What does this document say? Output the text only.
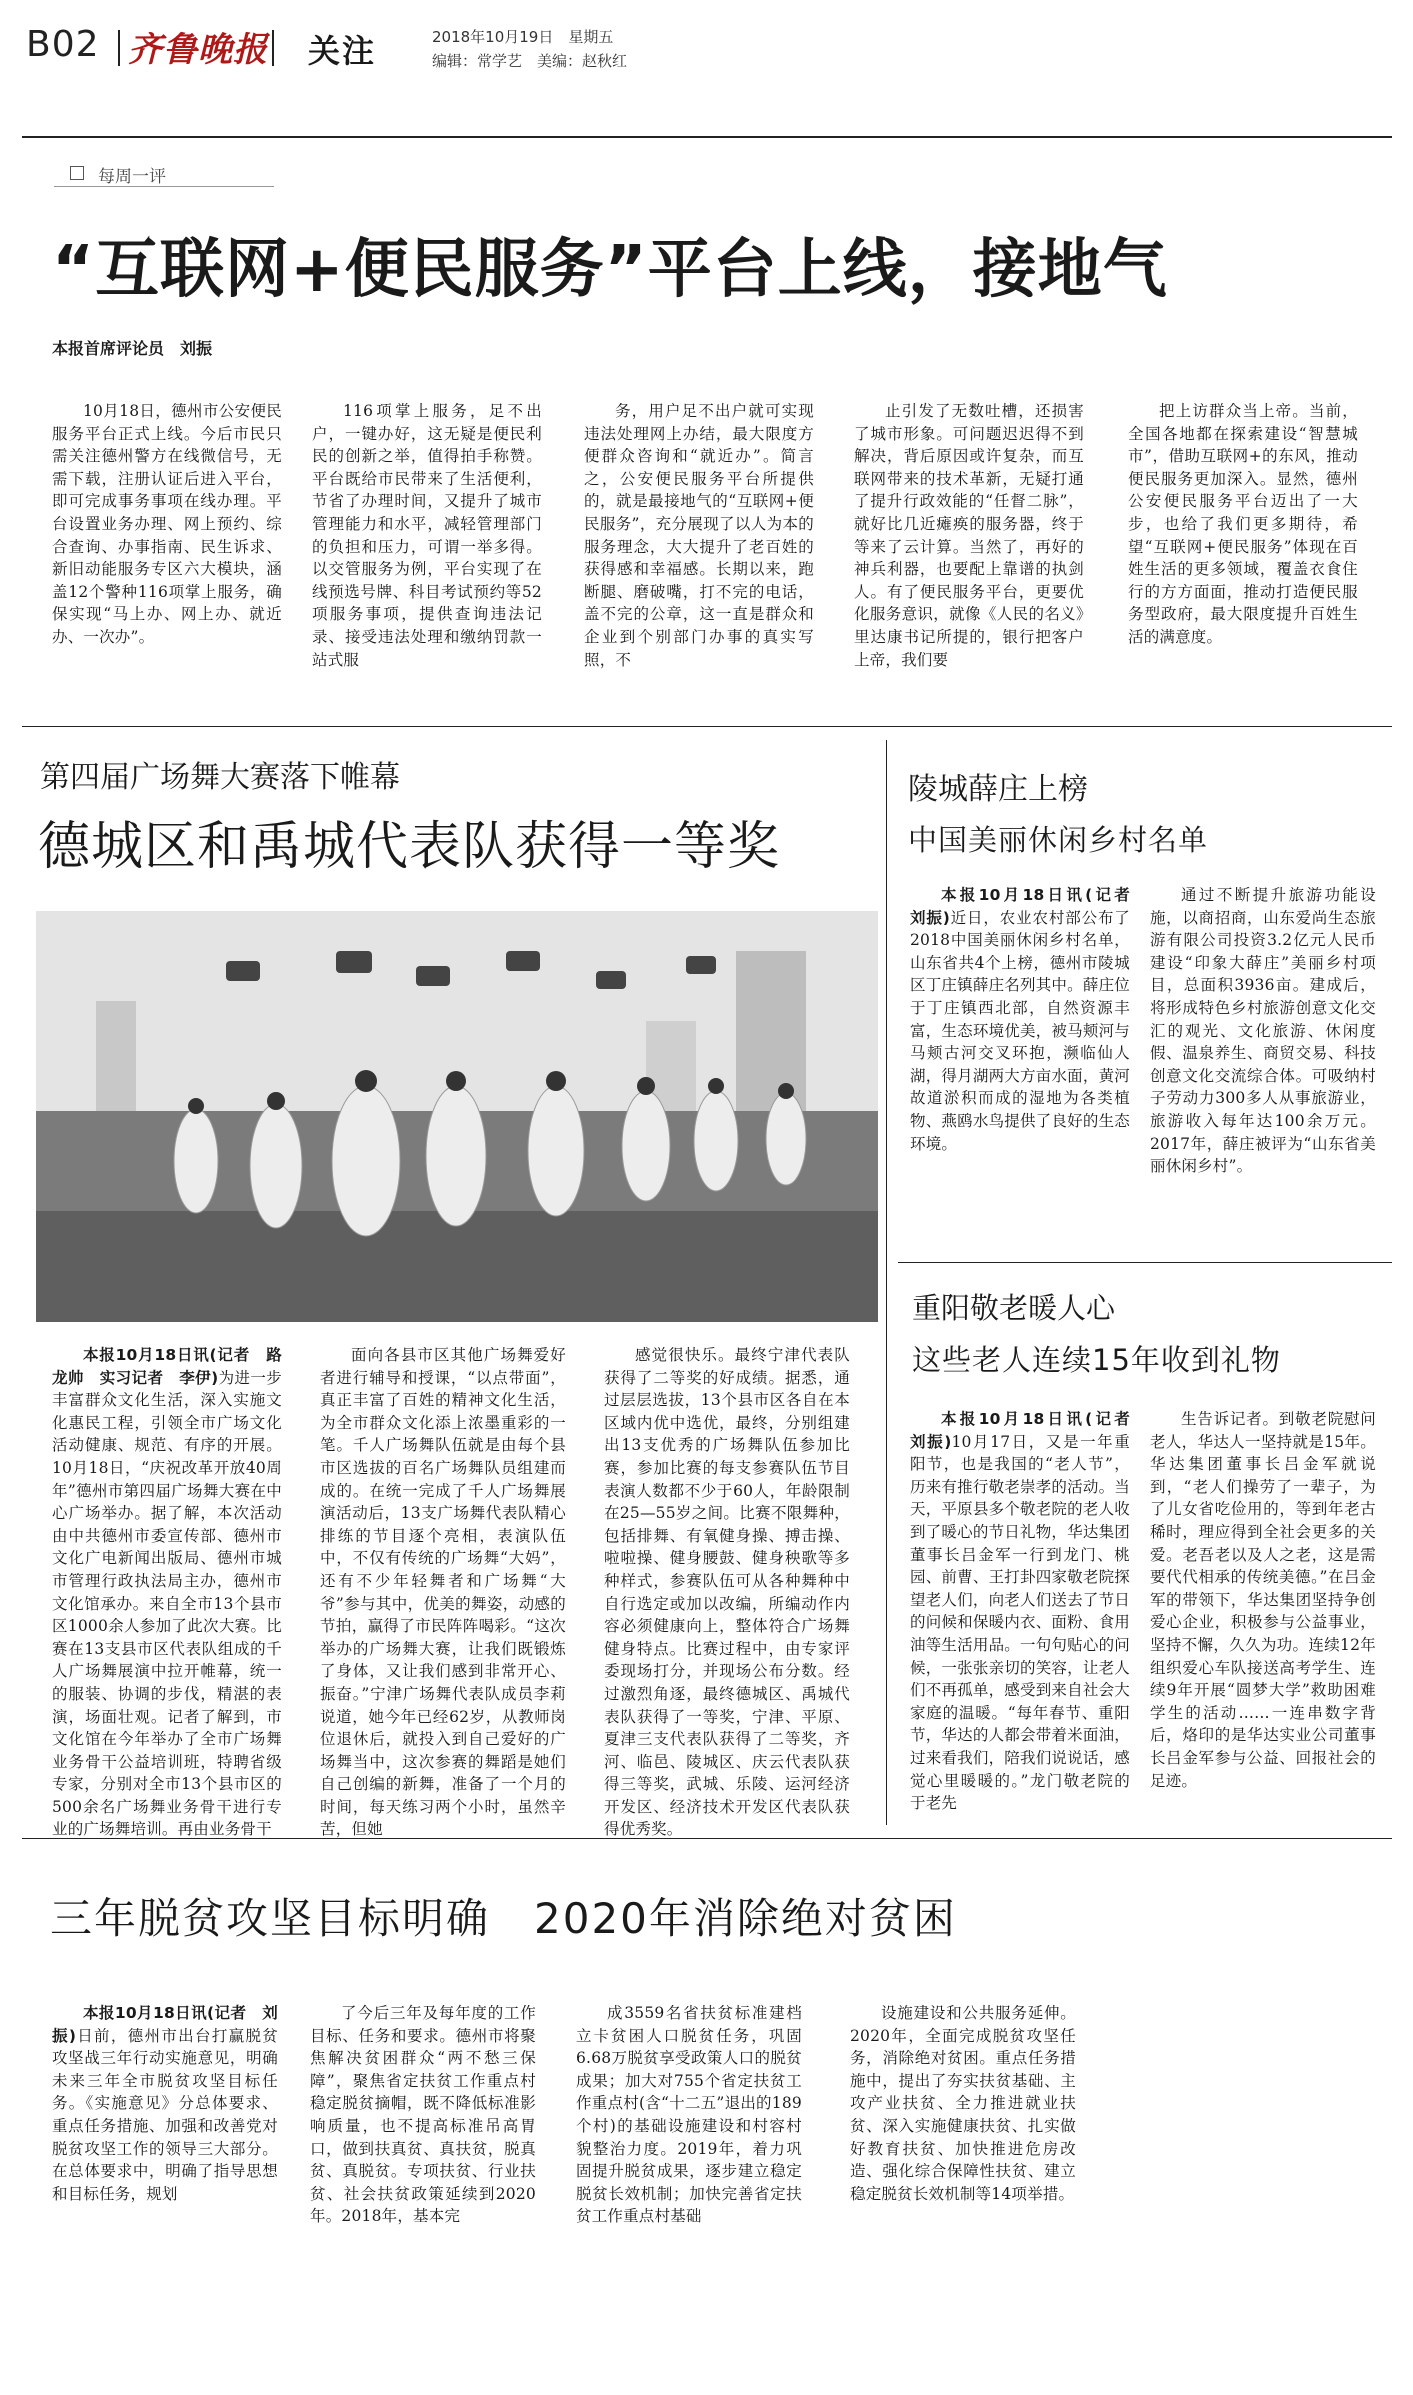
B02 齐鲁晚报 关注	2018年10月19日　星期五
编辑：常学艺　美编：赵秋红
每周一评
“互联网+便民服务”平台上线，接地气
本报首席评论员　刘振

10月18日，德州市公安便民服务平台正式上线。今后市民只需关注德州警方在线微信号，无需下载，注册认证后进入平台，即可完成事务事项在线办理。平台设置业务办理、网上预约、综合查询、办事指南、民生诉求、新旧动能服务专区六大模块，涵盖12个警种116项掌上服务，确保实现“马上办、网上办、就近办、一次办”。

116项掌上服务，足不出户，一键办好，这无疑是便民利民的创新之举，值得拍手称赞。平台既给市民带来了生活便利，节省了办理时间，又提升了城市管理能力和水平，减轻管理部门的负担和压力，可谓一举多得。以交管服务为例，平台实现了在线预选号牌、科目考试预约等52项服务事项，提供查询违法记录、接受违法处理和缴纳罚款一站式服

务，用户足不出户就可实现违法处理网上办结，最大限度方便群众咨询和“就近办”。简言之，公安便民服务平台所提供的，就是最接地气的“互联网+便民服务”，充分展现了以人为本的服务理念，大大提升了老百姓的获得感和幸福感。长期以来，跑断腿、磨破嘴，打不完的电话，盖不完的公章，这一直是群众和企业到个别部门办事的真实写照，不

止引发了无数吐槽，还损害了城市形象。可问题迟迟得不到解决，背后原因或许复杂，而互联网带来的技术革新，无疑打通了提升行政效能的“任督二脉”，就好比几近瘫痪的服务器，终于等来了云计算。当然了，再好的神兵利器，也要配上靠谱的执剑人。有了便民服务平台，更要优化服务意识，就像《人民的名义》里达康书记所提的，银行把客户上帝，我们要

把上访群众当上帝。当前，全国各地都在探索建设“智慧城市”，借助互联网+的东风，推动便民服务更加深入。显然，德州公安便民服务平台迈出了一大步，也给了我们更多期待，希望“互联网+便民服务”体现在百姓生活的更多领域，覆盖衣食住行的方方面面，推动打造便民服务型政府，最大限度提升百姓生活的满意度。

第四届广场舞大赛落下帷幕
德城区和禹城代表队获得一等奖

本报10月18日讯(记者　路龙帅　实习记者　李伊)为进一步丰富群众文化生活，深入实施文化惠民工程，引领全市广场文化活动健康、规范、有序的开展。10月18日，“庆祝改革开放40周年”德州市第四届广场舞大赛在中心广场举办。据了解，本次活动由中共德州市委宣传部、德州市文化广电新闻出版局、德州市城市管理行政执法局主办，德州市文化馆承办。来自全市13个县市区1000余人参加了此次大赛。比赛在13支县市区代表队组成的千人广场舞展演中拉开帷幕，统一的服装、协调的步伐，精湛的表演，场面壮观。记者了解到，市文化馆在今年举办了全市广场舞业务骨干公益培训班，特聘省级专家，分别对全市13个县市区的500余名广场舞业务骨干进行专业的广场舞培训。再由业务骨干

面向各县市区其他广场舞爱好者进行辅导和授课，“以点带面”，真正丰富了百姓的精神文化生活，为全市群众文化添上浓墨重彩的一笔。千人广场舞队伍就是由每个县市区选拔的百名广场舞队员组建而成的。在统一完成了千人广场舞展演活动后，13支广场舞代表队精心排练的节目逐个亮相，表演队伍中，不仅有传统的广场舞“大妈”，还有不少年轻舞者和广场舞“大爷”参与其中，优美的舞姿，动感的节拍，赢得了市民阵阵喝彩。“这次举办的广场舞大赛，让我们既锻炼了身体，又让我们感到非常开心、振奋。”宁津广场舞代表队成员李莉说道，她今年已经62岁，从教师岗位退休后，就投入到自己爱好的广场舞当中，这次参赛的舞蹈是她们自己创编的新舞，准备了一个月的时间，每天练习两个小时，虽然辛苦，但她

感觉很快乐。最终宁津代表队获得了二等奖的好成绩。据悉，通过层层选拔，13个县市区各自在本区域内优中选优，最终，分别组建出13支优秀的广场舞队伍参加比赛，参加比赛的每支参赛队伍节目表演人数都不少于60人，年龄限制在25—55岁之间。比赛不限舞种，包括排舞、有氧健身操、搏击操、啦啦操、健身腰鼓、健身秧歌等多种样式，参赛队伍可从各种舞种中自行选定或加以改编，所编动作内容必须健康向上，整体符合广场舞健身特点。比赛过程中，由专家评委现场打分，并现场公布分数。经过激烈角逐，最终德城区、禹城代表队获得了一等奖，宁津、平原、夏津三支代表队获得了二等奖，齐河、临邑、陵城区、庆云代表队获得三等奖，武城、乐陵、运河经济开发区、经济技术开发区代表队获得优秀奖。

陵城薛庄上榜
中国美丽休闲乡村名单

本报10月18日讯(记者　刘振)近日，农业农村部公布了2018中国美丽休闲乡村名单，山东省共4个上榜，德州市陵城区丁庄镇薛庄名列其中。薛庄位于丁庄镇西北部，自然资源丰富，生态环境优美，被马颊河与马颊古河交叉环抱，濒临仙人湖，得月湖两大方亩水面，黄河故道淤积而成的湿地为各类植物、燕鸥水鸟提供了良好的生态环境。

通过不断提升旅游功能设施，以商招商，山东爱尚生态旅游有限公司投资3.2亿元人民币建设“印象大薛庄”美丽乡村项目，总面积3936亩。建成后，将形成特色乡村旅游创意文化交汇的观光、文化旅游、休闲度假、温泉养生、商贸交易、科技创意文化交流综合体。可吸纳村子劳动力300多人从事旅游业，旅游收入每年达100余万元。2017年，薛庄被评为“山东省美丽休闲乡村”。

重阳敬老暖人心
这些老人连续15年收到礼物

本报10月18日讯(记者　刘振)10月17日，又是一年重阳节，也是我国的“老人节”，历来有推行敬老崇孝的活动。当天，平原县多个敬老院的老人收到了暖心的节日礼物，华达集团董事长吕金军一行到龙门、桃园、前曹、王打卦四家敬老院探望老人们，向老人们送去了节日的问候和保暖内衣、面粉、食用油等生活用品。一句句贴心的问候，一张张亲切的笑容，让老人们不再孤单，感受到来自社会大家庭的温暖。“每年春节、重阳节，华达的人都会带着米面油，过来看我们，陪我们说说话，感觉心里暖暖的。”龙门敬老院的于老先

生告诉记者。到敬老院慰问老人，华达人一坚持就是15年。华达集团董事长吕金军就说到，“老人们操劳了一辈子，为了儿女省吃俭用的，等到年老古稀时，理应得到全社会更多的关爱。老吾老以及人之老，这是需要代代相承的传统美德。”在吕金军的带领下，华达集团坚持争创爱心企业，积极参与公益事业，坚持不懈，久久为功。连续12年组织爱心车队接送高考学生、连续9年开展“圆梦大学”救助困难学生的活动……一连串数字背后，烙印的是华达实业公司董事长吕金军参与公益、回报社会的足迹。

三年脱贫攻坚目标明确　2020年消除绝对贫困

本报10月18日讯(记者　刘振)日前，德州市出台打赢脱贫攻坚战三年行动实施意见，明确未来三年全市脱贫攻坚目标任务。《实施意见》分总体要求、重点任务措施、加强和改善党对脱贫攻坚工作的领导三大部分。在总体要求中，明确了指导思想和目标任务，规划

了今后三年及每年度的工作目标、任务和要求。德州市将聚焦解决贫困群众“两不愁三保障”，聚焦省定扶贫工作重点村稳定脱贫摘帽，既不降低标准影响质量，也不提高标准吊高胃口，做到扶真贫、真扶贫，脱真贫、真脱贫。专项扶贫、行业扶贫、社会扶贫政策延续到2020年。2018年，基本完

成3559名省扶贫标准建档立卡贫困人口脱贫任务，巩固6.68万脱贫享受政策人口的脱贫成果；加大对755个省定扶贫工作重点村(含“十二五”退出的189个村)的基础设施建设和村容村貌整治力度。2019年，着力巩固提升脱贫成果，逐步建立稳定脱贫长效机制；加快完善省定扶贫工作重点村基础

设施建设和公共服务延伸。2020年，全面完成脱贫攻坚任务，消除绝对贫困。重点任务措施中，提出了夯实扶贫基础、主攻产业扶贫、全力推进就业扶贫、深入实施健康扶贫、扎实做好教育扶贫、加快推进危房改造、强化综合保障性扶贫、建立稳定脱贫长效机制等14项举措。
